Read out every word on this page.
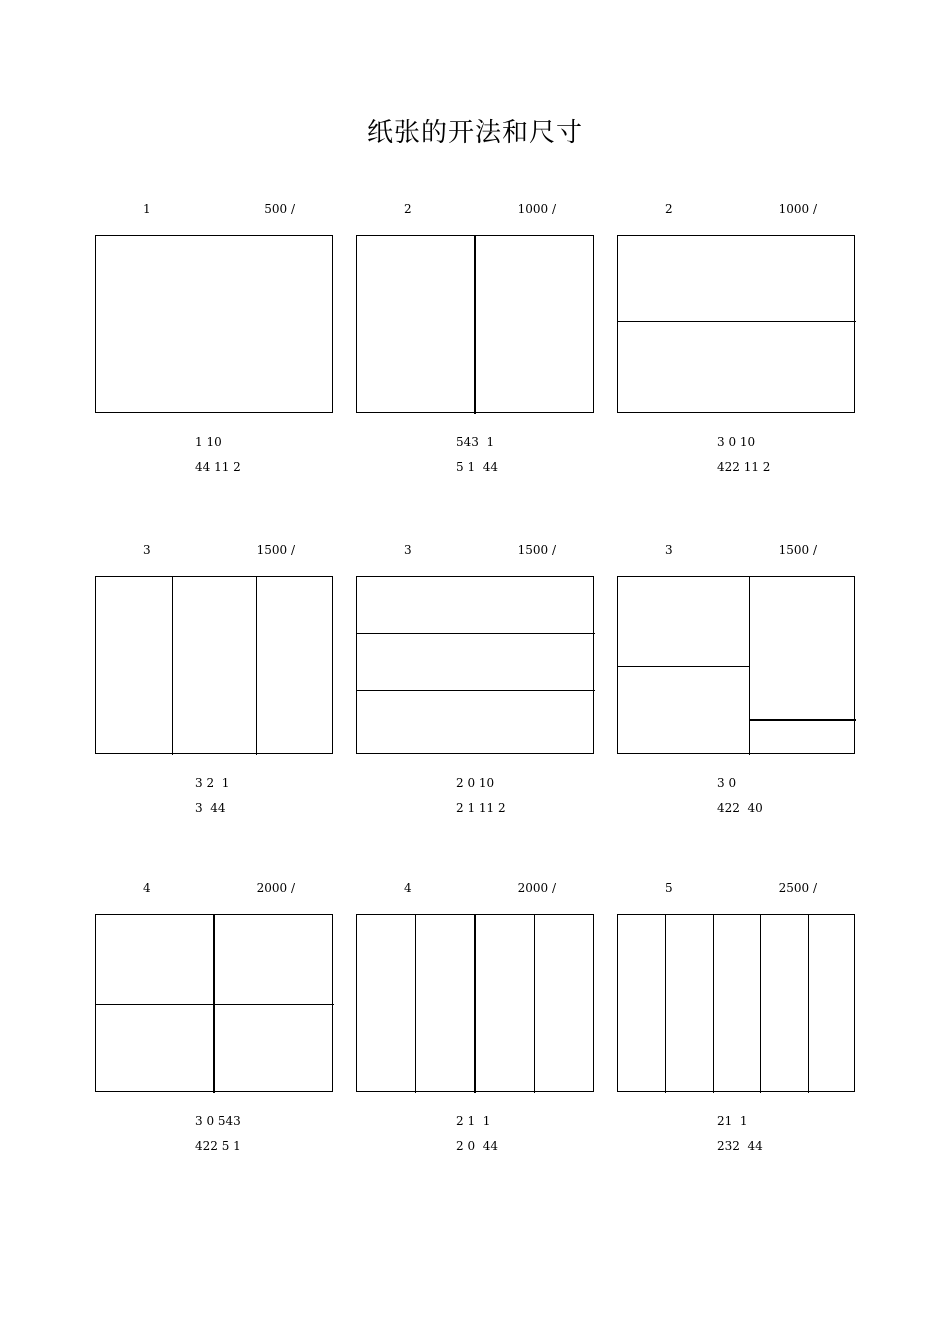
纸张的开法和尺寸
1	500 /
1 10
44 11 2
2	1000 /
543  1
5 1  44
2	1000 /
3 0 10
422 11 2
3	1500 /
3 2  1
3  44
3	1500 /
2 0 10
2 1 11 2
3	1500 /
3 0
422  40
4	2000 /
3 0 543
422 5 1
4	2000 /
2 1  1
2 0  44
5	2500 /
21  1
232  44
